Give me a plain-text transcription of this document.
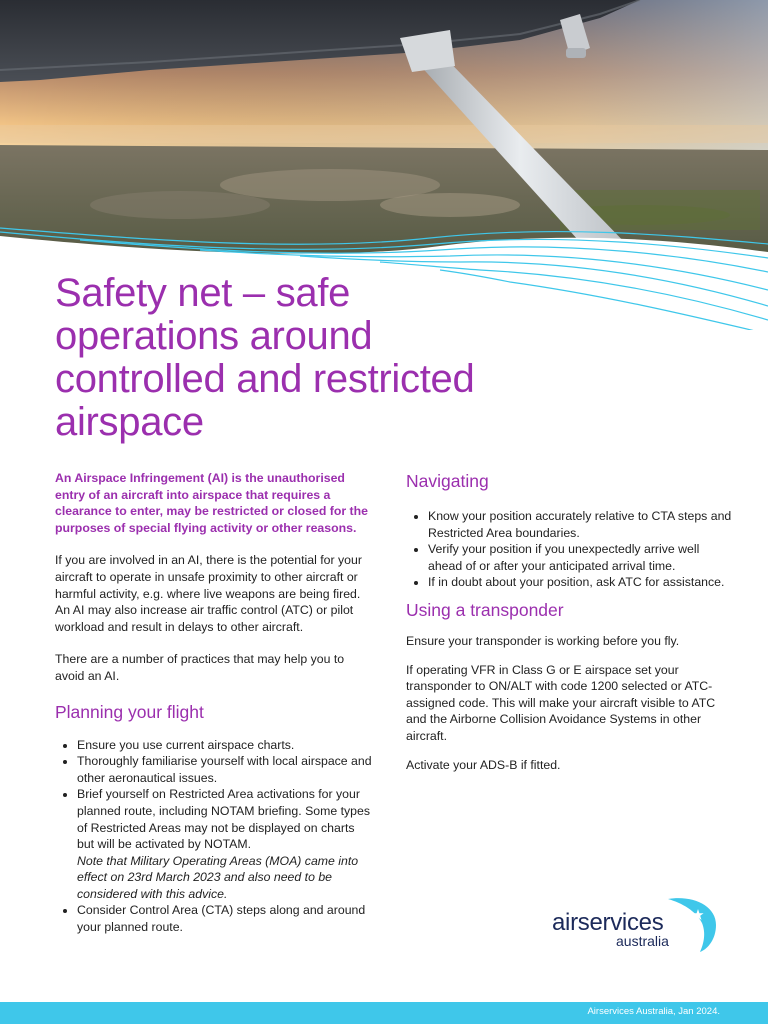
Safety net – safe operations around controlled and restricted airspace

An Airspace Infringement (AI) is the unauthorised entry of an aircraft into airspace that requires a clearance to enter, may be restricted or closed for the purposes of special flying activity or other reasons.

If you are involved in an AI, there is the potential for your aircraft to operate in unsafe proximity to other aircraft or harmful activity, e.g. where live weapons are being fired. An AI may also increase air traffic control (ATC) or pilot workload and result in delays to other aircraft.

There are a number of practices that may help you to avoid an AI.

Planning your flight
• Ensure you use current airspace charts.
• Thoroughly familiarise yourself with local airspace and other aeronautical issues.
• Brief yourself on Restricted Area activations for your planned route, including NOTAM briefing. Some types of Restricted Areas may not be displayed on charts but will be activated by NOTAM.
Note that Military Operating Areas (MOA) came into effect on 23rd March 2023 and also need to be considered with this advice.
• Consider Control Area (CTA) steps along and around your planned route.
Navigating
• Know your position accurately relative to CTA steps and Restricted Area boundaries.
• Verify your position if you unexpectedly arrive well ahead of or after your anticipated arrival time.
• If in doubt about your position, ask ATC for assistance.
Using a transponder

Ensure your transponder is working before you fly.

If operating VFR in Class G or E airspace set your transponder to ON/ALT with code 1200 selected or ATC-assigned code. This will make your aircraft visible to ATC and the Airborne Collision Avoidance Systems in other aircraft.

Activate your ADS-B if fitted.

airservices
australia
Airservices Australia, Jan 2024.
